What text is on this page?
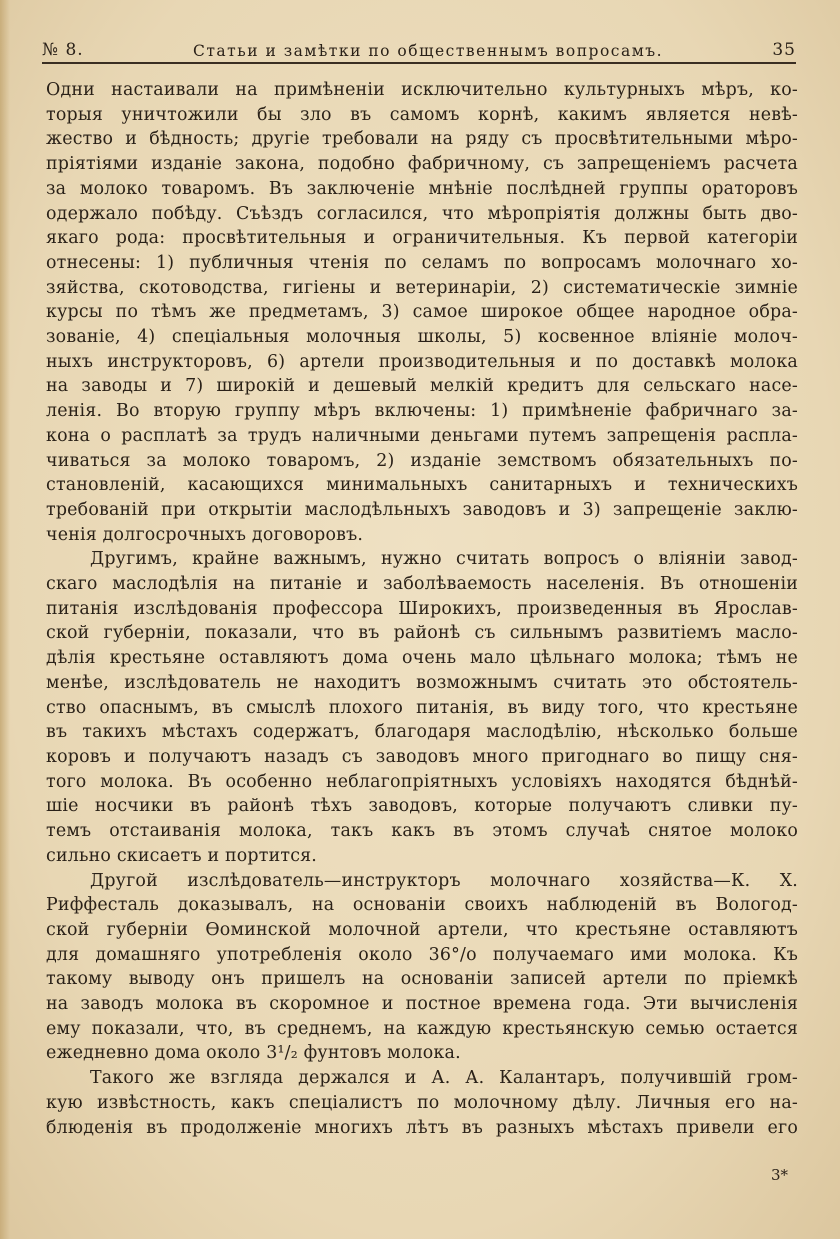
№ 8.	Статьи и замѣтки по общественнымъ вопросамъ.	35
Одни настаивали на примѣненіи исключительно культурныхъ мѣръ, ко-
торыя уничтожили бы зло въ самомъ корнѣ, какимъ является невѣ-
жество и бѣдность; другіе требовали на ряду съ просвѣтительными мѣро-
пріятіями изданіе закона, подобно фабричному, съ запрещеніемъ расчета
за молоко товаромъ. Въ заключеніе мнѣніе послѣдней группы ораторовъ
одержало побѣду. Съѣздъ согласился, что мѣропріятія должны быть дво-
якаго рода: просвѣтительныя и ограничительныя. Къ первой категоріи
отнесены: 1) публичныя чтенія по селамъ по вопросамъ молочнаго хо-
зяйства, скотоводства, гигіены и ветеринаріи, 2) систематическіе зимніе
курсы по тѣмъ же предметамъ, 3) самое широкое общее народное обра-
зованіе, 4) спеціальныя молочныя школы, 5) косвенное вліяніе молоч-
ныхъ инструкторовъ, 6) артели производительныя и по доставкѣ молока
на заводы и 7) широкій и дешевый мелкій кредитъ для сельскаго насе-
ленія. Во вторую группу мѣръ включены: 1) примѣненіе фабричнаго за-
кона о расплатѣ за трудъ наличными деньгами путемъ запрещенія распла-
чиваться за молоко товаромъ, 2) изданіе земствомъ обязательныхъ по-
становленій, касающихся минимальныхъ санитарныхъ и техническихъ
требованій при открытіи маслодѣльныхъ заводовъ и 3) запрещеніе заклю-
ченія долгосрочныхъ договоровъ.
Другимъ, крайне важнымъ, нужно считать вопросъ о вліяніи завод-
скаго маслодѣлія на питаніе и заболѣваемость населенія. Въ отношеніи
питанія изслѣдованія профессора Широкихъ, произведенныя въ Ярослав-
ской губерніи, показали, что въ районѣ съ сильнымъ развитіемъ масло-
дѣлія крестьяне оставляютъ дома очень мало цѣльнаго молока; тѣмъ не
менѣе, изслѣдователь не находитъ возможнымъ считать это обстоятель-
ство опаснымъ, въ смыслѣ плохого питанія, въ виду того, что крестьяне
въ такихъ мѣстахъ содержатъ, благодаря маслодѣлію, нѣсколько больше
коровъ и получаютъ назадъ съ заводовъ много пригоднаго во пищу сня-
того молока. Въ особенно неблагопріятныхъ условіяхъ находятся бѣднѣй-
шіе носчики въ районѣ тѣхъ заводовъ, которые получаютъ сливки пу-
темъ отстаиванія молока, такъ какъ въ этомъ случаѣ снятое молоко
сильно скисаетъ и портится.
Другой изслѣдователь—инструкторъ молочнаго хозяйства—К. Х.
Риффесталь доказывалъ, на основаніи своихъ наблюденій въ Вологод-
ской губерніи Ѳоминской молочной артели, что крестьяне оставляютъ
для домашняго употребленія около 36°/о получаемаго ими молока. Къ
такому выводу онъ пришелъ на основаніи записей артели по пріемкѣ
на заводъ молока въ скоромное и постное времена года. Эти вычисленія
ему показали, что, въ среднемъ, на каждую крестьянскую семью остается
ежедневно дома около 3¹/₂ фунтовъ молока.
Такого же взгляда держался и А. А. Калантаръ, получившій гром-
кую извѣстность, какъ спеціалистъ по молочному дѣлу. Личныя его на-
блюденія въ продолженіе многихъ лѣтъ въ разныхъ мѣстахъ привели его
3*
